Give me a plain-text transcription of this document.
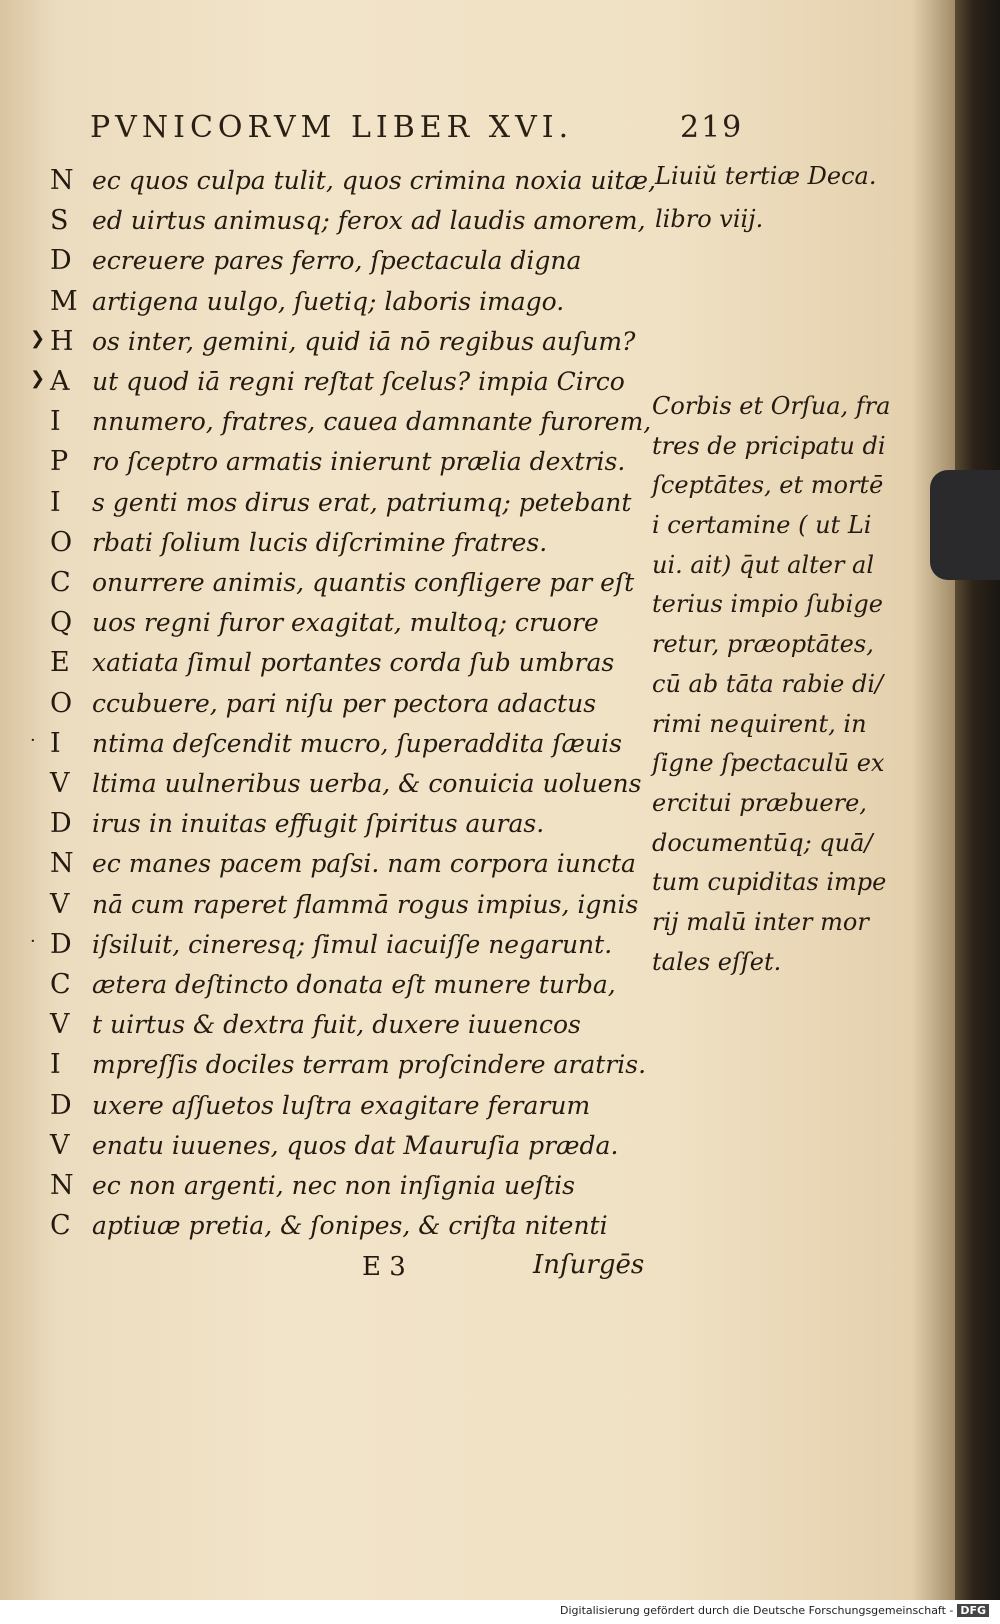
PVNICORVM LIBER XVI.	219
Liuiŭ tertiæ Deca.
libro viij.
N ec quos culpa tulit, quos crimina noxia uitæ,
S ed uirtus animusq; ferox ad laudis amorem,
D ecreuere pares ferro, ſpectacula digna
M artigena uulgo, ſuetiq; laboris imago.
❯ H os inter, gemini, quid iā nō regibus auſum?
❯ A ut quod iā regni reſtat ſcelus? impia Circo
I nnumero, fratres, cauea damnante furorem,
P ro ſceptro armatis inierunt prælia dextris.
I s genti mos dirus erat, patriumq; petebant
O rbati ſolium lucis diſcrimine fratres.
C onurrere animis, quantis confligere par eſt
Q uos regni furor exagitat, multoq; cruore
E xatiata ſimul portantes corda ſub umbras
O ccubuere, pari niſu per pectora adactus
· I ntima deſcendit mucro, ſuperaddita ſæuis
V ltima uulneribus uerba, & conuicia uoluens
D irus in inuitas effugit ſpiritus auras.
N ec manes pacem paſsi. nam corpora iuncta
V nā cum raperet flammā rogus impius, ignis
· D iſsiluit, cineresq; ſimul iacuiſſe negarunt.
C ætera deſtincto donata eſt munere turba,
V t uirtus & dextra fuit, duxere iuuencos
I mpreſſis dociles terram proſcindere aratris.
D uxere aſſuetos luſtra exagitare ferarum
V enatu iuuenes, quos dat Mauruſia præda.
N ec non argenti, nec non inſignia ueſtis
C aptiuæ pretia, & ſonipes, & criſta nitenti
Corbis et Orſua, fra
tres de pricipatu di
ſceptātes, et mortē
i certamine ( ut Li
ui. ait) q̄ut alter al
terius impio ſubige
retur, præoptātes,
cū ab tāta rabie di/
rimi nequirent, in
ſigne ſpectaculū ex
ercitui præbuere,
documentūq; quā/
tum cupiditas impe
rij malū inter mor
tales eſſet.
E 3	Inſurgēs
Digitalisierung gefördert durch die Deutsche Forschungsgemeinschaft - DFG
